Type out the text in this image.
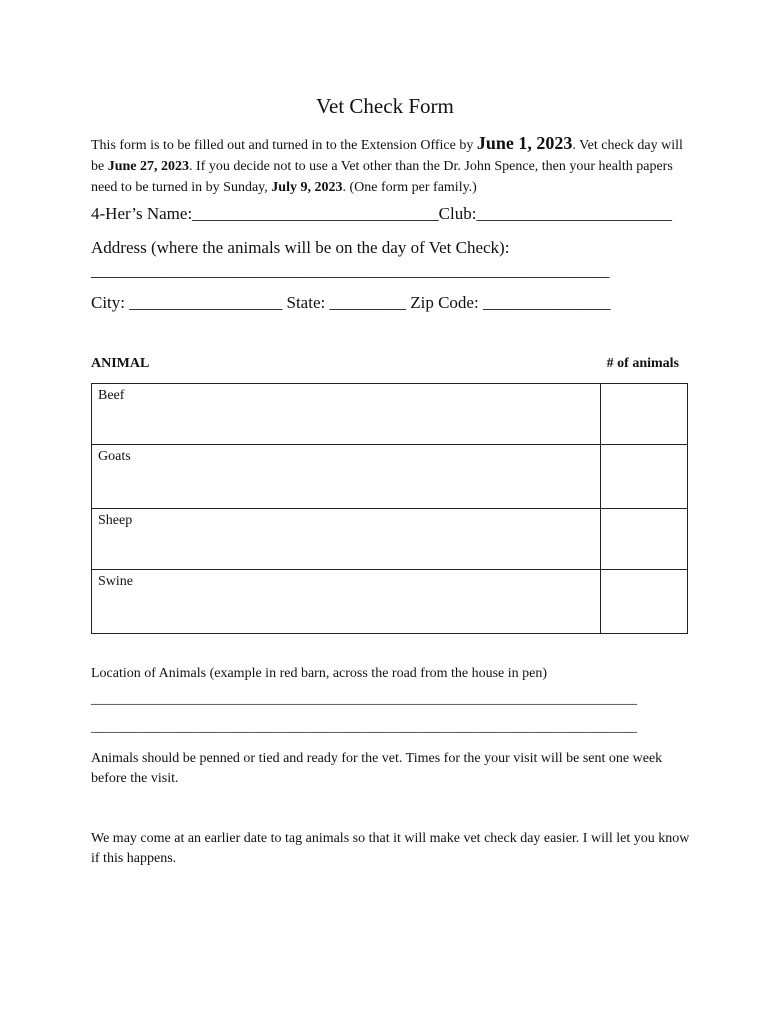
Vet Check Form
This form is to be filled out and turned in to the Extension Office by June 1, 2023. Vet check day will be June 27, 2023. If you decide not to use a Vet other than the Dr. John Spence, then your health papers need to be turned in by Sunday, July 9, 2023. (One form per family.)
4-Her’s Name:_____________________________Club:_______________________
Address (where the animals will be on the day of Vet Check):
_____________________________________________________________
City: __________________ State: _________ Zip Code: _______________
ANIMAL	# of animals
Beef	
Goats	
Sheep	
Swine	
Location of Animals (example in red barn, across the road from the house in pen)
______________________________________________________________________________
______________________________________________________________________________
Animals should be penned or tied and ready for the vet. Times for the your visit will be sent one week before the visit.
We may come at an earlier date to tag animals so that it will make vet check day easier. I will let you know if this happens.
